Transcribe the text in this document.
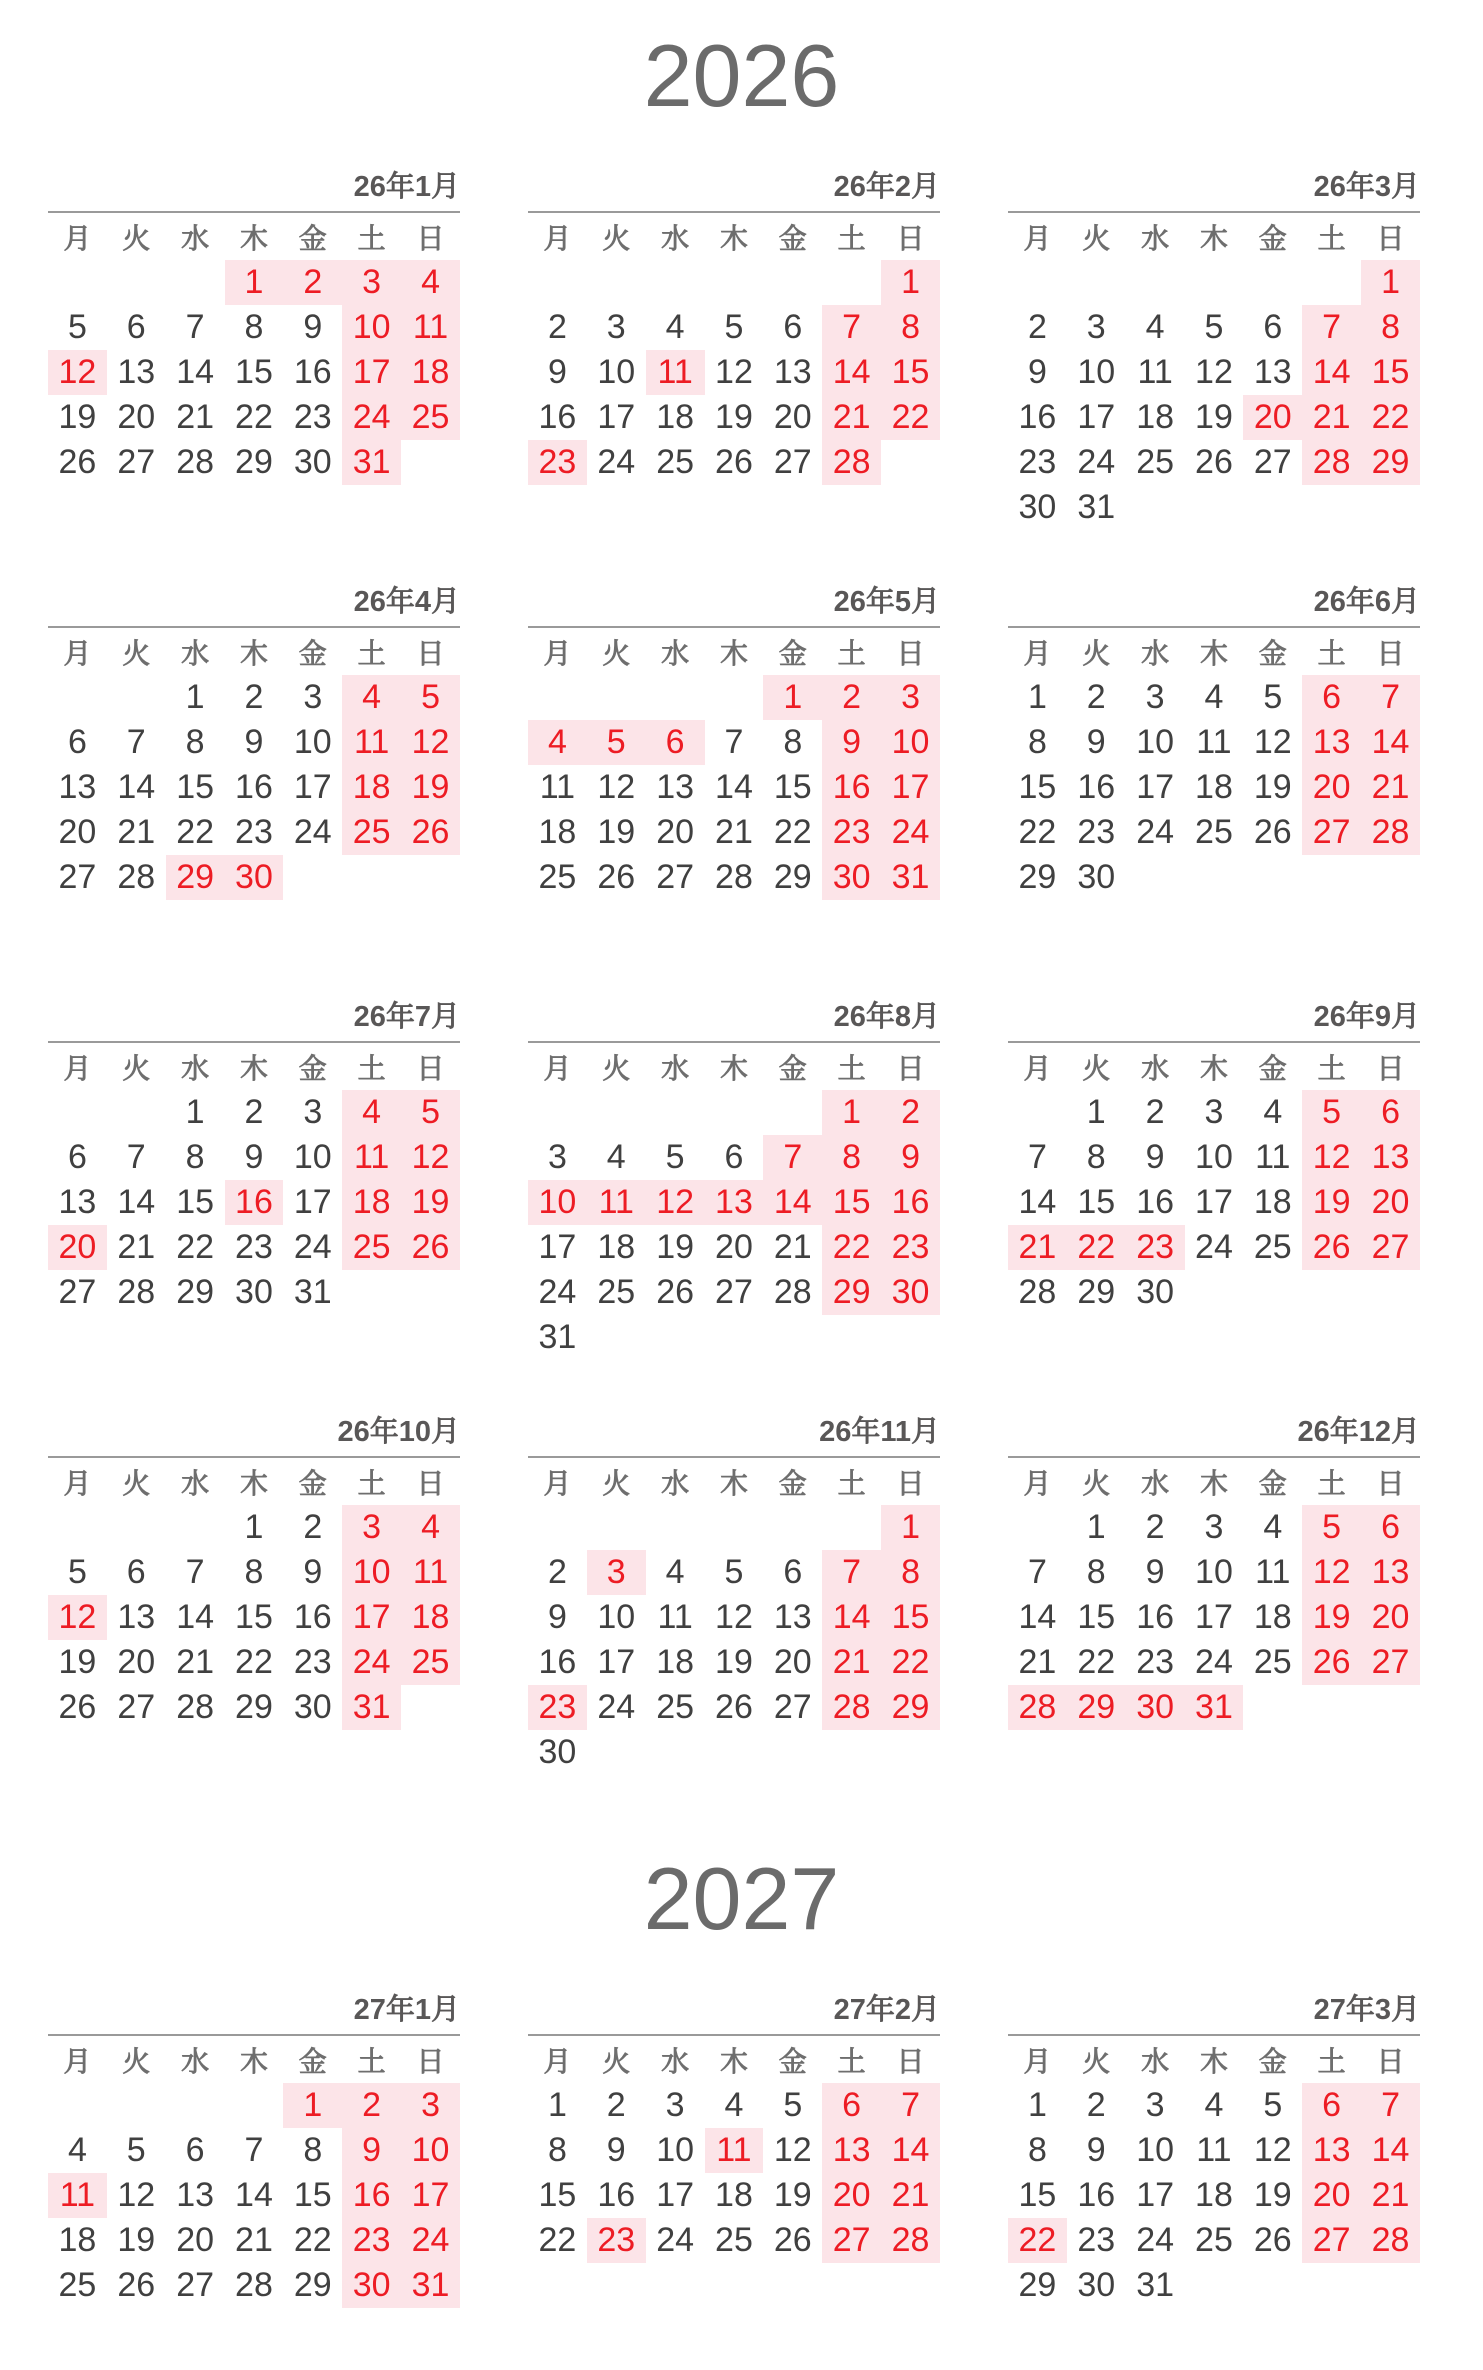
2026
26年1月
月	火	水	木	金	土	日
			1	2	3	4
5	6	7	8	9	10	11
12	13	14	15	16	17	18
19	20	21	22	23	24	25
26	27	28	29	30	31	
26年2月
月	火	水	木	金	土	日
						1
2	3	4	5	6	7	8
9	10	11	12	13	14	15
16	17	18	19	20	21	22
23	24	25	26	27	28	
26年3月
月	火	水	木	金	土	日
						1
2	3	4	5	6	7	8
9	10	11	12	13	14	15
16	17	18	19	20	21	22
23	24	25	26	27	28	29
30	31					
26年4月
月	火	水	木	金	土	日
		1	2	3	4	5
6	7	8	9	10	11	12
13	14	15	16	17	18	19
20	21	22	23	24	25	26
27	28	29	30			
26年5月
月	火	水	木	金	土	日
				1	2	3
4	5	6	7	8	9	10
11	12	13	14	15	16	17
18	19	20	21	22	23	24
25	26	27	28	29	30	31
26年6月
月	火	水	木	金	土	日
1	2	3	4	5	6	7
8	9	10	11	12	13	14
15	16	17	18	19	20	21
22	23	24	25	26	27	28
29	30					
26年7月
月	火	水	木	金	土	日
		1	2	3	4	5
6	7	8	9	10	11	12
13	14	15	16	17	18	19
20	21	22	23	24	25	26
27	28	29	30	31		
26年8月
月	火	水	木	金	土	日
					1	2
3	4	5	6	7	8	9
10	11	12	13	14	15	16
17	18	19	20	21	22	23
24	25	26	27	28	29	30
31						
26年9月
月	火	水	木	金	土	日
	1	2	3	4	5	6
7	8	9	10	11	12	13
14	15	16	17	18	19	20
21	22	23	24	25	26	27
28	29	30				
26年10月
月	火	水	木	金	土	日
			1	2	3	4
5	6	7	8	9	10	11
12	13	14	15	16	17	18
19	20	21	22	23	24	25
26	27	28	29	30	31	
26年11月
月	火	水	木	金	土	日
						1
2	3	4	5	6	7	8
9	10	11	12	13	14	15
16	17	18	19	20	21	22
23	24	25	26	27	28	29
30						
26年12月
月	火	水	木	金	土	日
	1	2	3	4	5	6
7	8	9	10	11	12	13
14	15	16	17	18	19	20
21	22	23	24	25	26	27
28	29	30	31			
2027
27年1月
月	火	水	木	金	土	日
				1	2	3
4	5	6	7	8	9	10
11	12	13	14	15	16	17
18	19	20	21	22	23	24
25	26	27	28	29	30	31
27年2月
月	火	水	木	金	土	日
1	2	3	4	5	6	7
8	9	10	11	12	13	14
15	16	17	18	19	20	21
22	23	24	25	26	27	28
27年3月
月	火	水	木	金	土	日
1	2	3	4	5	6	7
8	9	10	11	12	13	14
15	16	17	18	19	20	21
22	23	24	25	26	27	28
29	30	31				
